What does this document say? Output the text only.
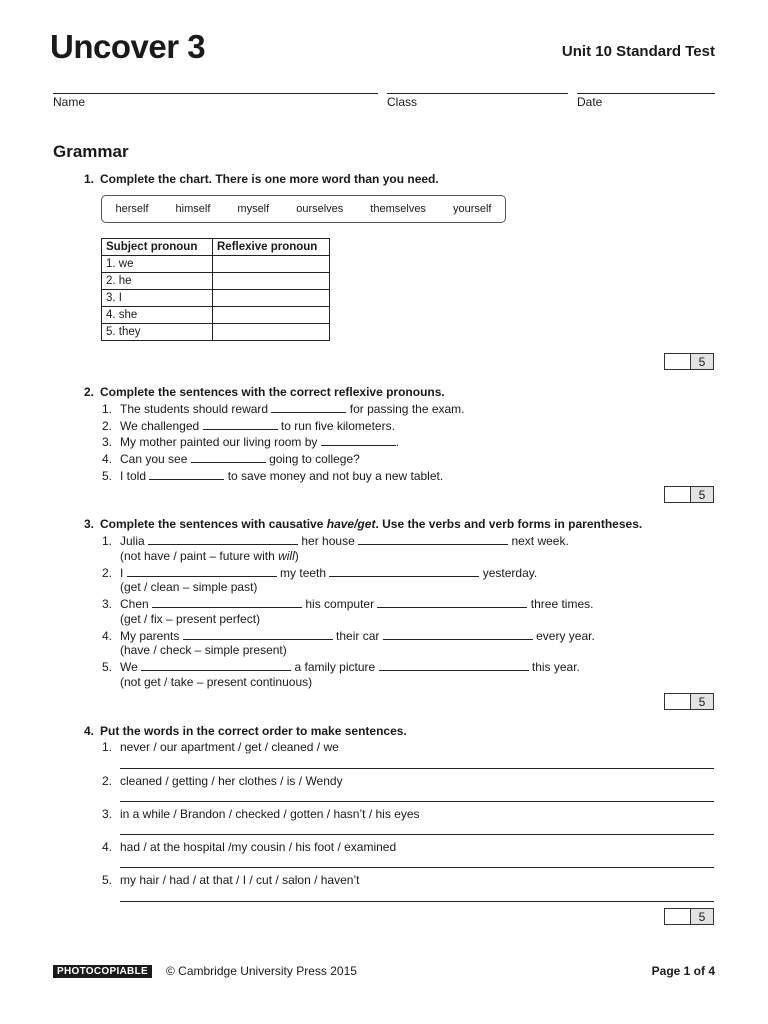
Uncover 3	Unit 10 Standard Test
Name	Class	Date
Grammar
1. Complete the chart. There is one more word than you need.
herself himself myself ourselves themselves yourself
Subject pronoun	Reflexive pronoun
1. we	
2. he	
3. I	
4. she	
5. they	
5
2. Complete the sentences with the correct reflexive pronouns.
1. The students should reward	for passing the exam.
2. We challenged	to run five kilometers.
3. My mother painted our living room by	.
4. Can you see	going to college?
5. I told	to save money and not buy a new tablet.
5
3. Complete the sentences with causative have/get. Use the verbs and verb forms in parentheses.
1. Julia	her house	next week.
(not have / paint – future with will)
2. I	my teeth	yesterday.
(get / clean – simple past)
3. Chen	his computer	three times.
(get / fix – present perfect)
4. My parents	their car	every year.
(have / check – simple present)
5. We	a family picture	this year.
(not get / take – present continuous)
5
4. Put the words in the correct order to make sentences.
1. never / our apartment / get / cleaned / we
2. cleaned / getting / her clothes / is / Wendy
3. in a while / Brandon / checked / gotten / hasn’t / his eyes
4. had / at the hospital /my cousin / his foot / examined
5. my hair / had / at that / I / cut / salon / haven’t
5
PHOTOCOPIABLE	© Cambridge University Press 2015	Page 1 of 4
